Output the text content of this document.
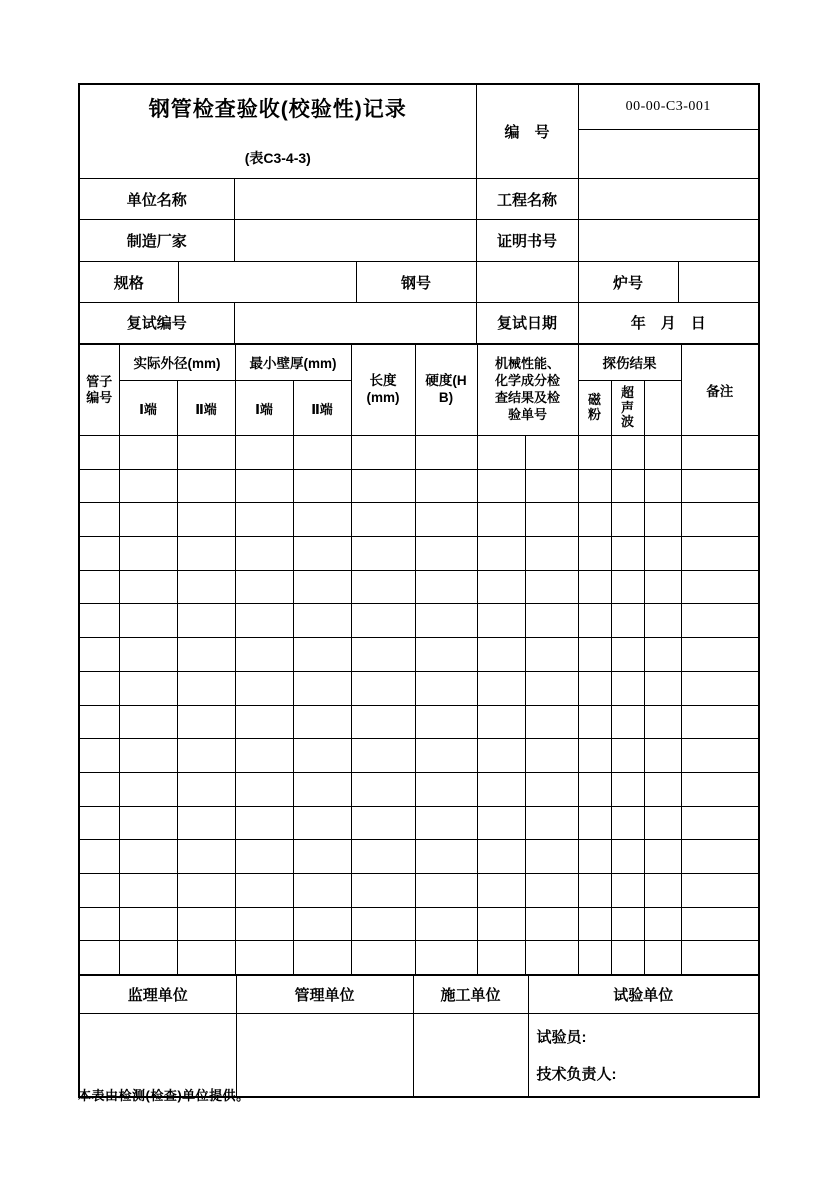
钢管检查验收(校验性)记录
(表C3-4-3)				编　号	00-00-C3-001	

单位名称				工程名称		
制造厂家				证明书号		
规格			钢号		炉号	
复试编号				复试日期	年　月　日	
管子编号	实际外径(mm)		最小壁厚(mm)		长度(mm)	硬度(HB)	机械性能、化学成分检查结果及检验单号		探伤结果			备注
	Ⅰ端	Ⅱ端	Ⅰ端	Ⅱ端					磁粉	超声波		

监理单位	管理单位	施工单位	试验单位

			试验员:
技术负责人:
本表由检测(检查)单位提供。
